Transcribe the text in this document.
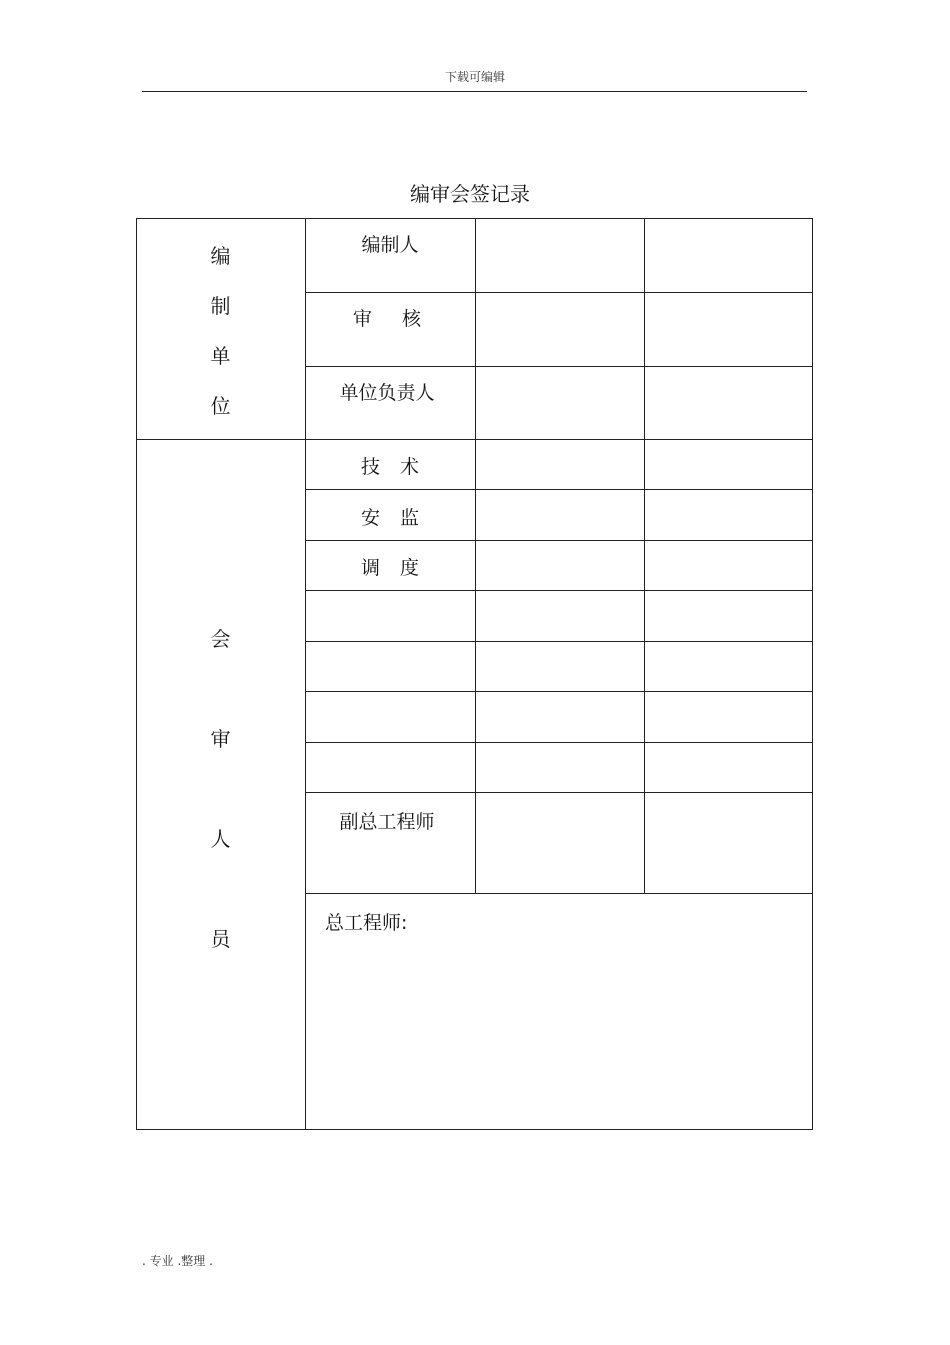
下载可编辑
编审会签记录
编
制
单
位
编制人
审  核
单位负责人
会
审
人
员
技术
安监
调度
副总工程师
总工程师:
. 专业 .整理 .
